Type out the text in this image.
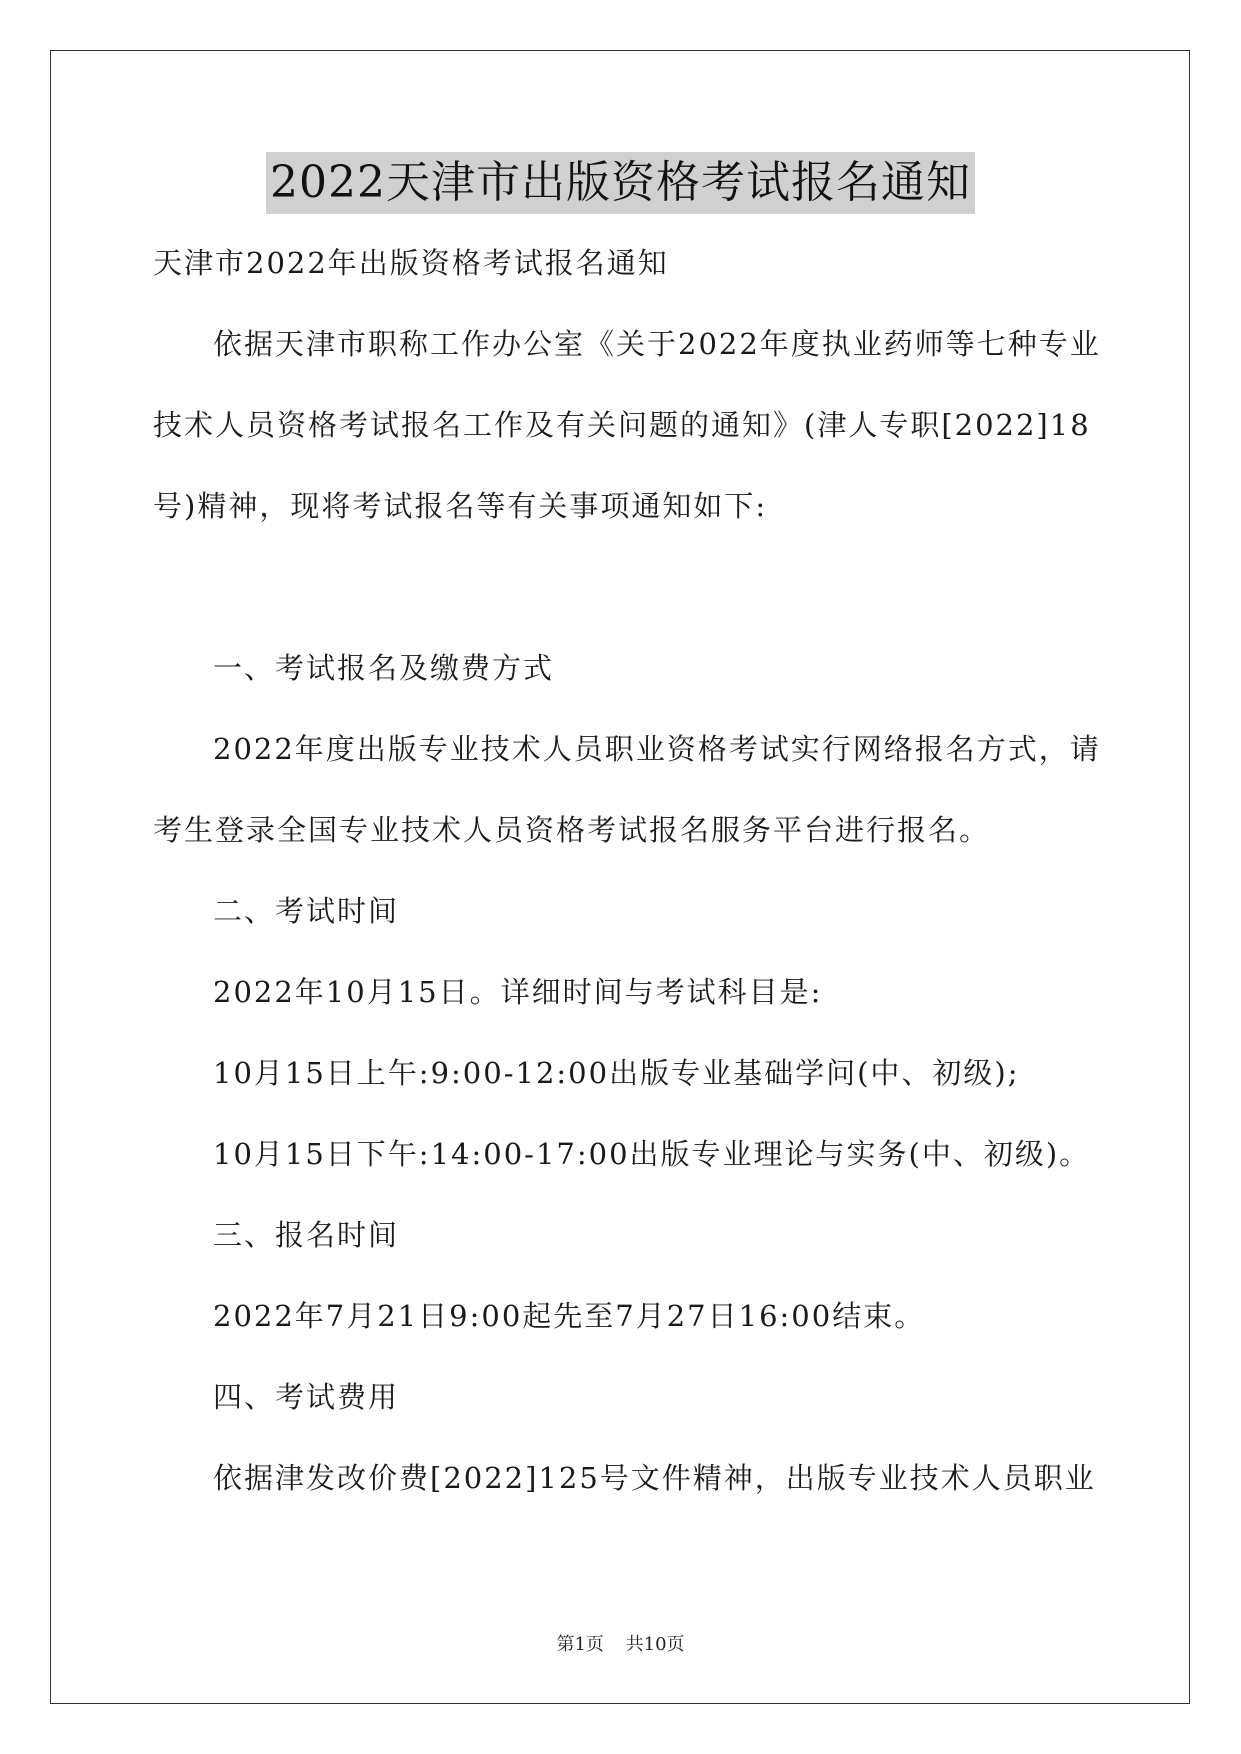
2022天津市出版资格考试报名通知
天津市2022年出版资格考试报名通知
依据天津市职称工作办公室《关于2022年度执业药师等七种专业
技术人员资格考试报名工作及有关问题的通知》(津人专职[2022]18
号)精神，现将考试报名等有关事项通知如下:
一、考试报名及缴费方式
2022年度出版专业技术人员职业资格考试实行网络报名方式，请
考生登录全国专业技术人员资格考试报名服务平台进行报名。
二、考试时间
2022年10月15日。详细时间与考试科目是:
10月15日上午:9:00-12:00出版专业基础学问(中、初级);
10月15日下午:14:00-17:00出版专业理论与实务(中、初级)。
三、报名时间
2022年7月21日9:00起先至7月27日16:00结束。
四、考试费用
依据津发改价费[2022]125号文件精神，出版专业技术人员职业
第1页 共10页
